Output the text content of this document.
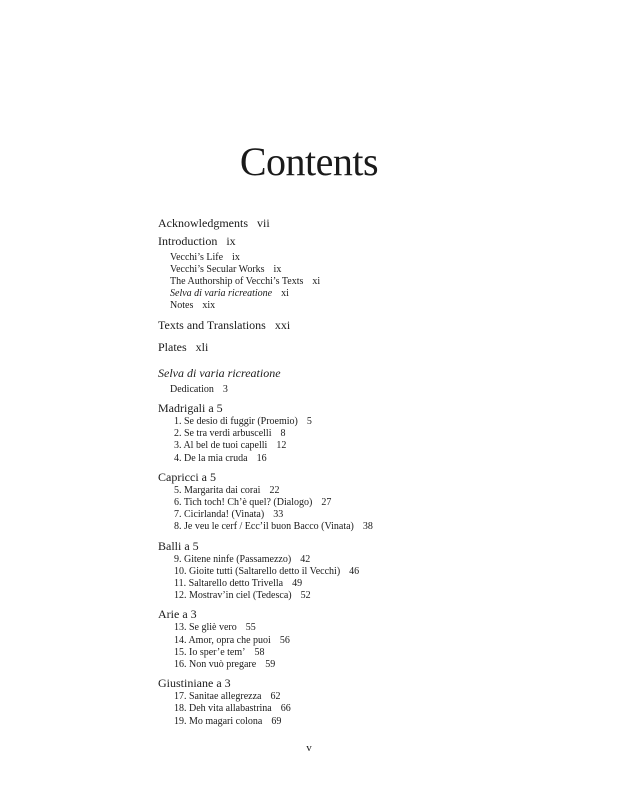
Contents
Acknowledgments vii
Introduction ix
Vecchi’s Life ix
Vecchi’s Secular Works ix
The Authorship of Vecchi’s Texts xi
Selva di varia ricreatione xi
Notes xix
Texts and Translations xxi
Plates xli
Selva di varia ricreatione
Dedication 3
Madrigali a 5
1. Se desio di fuggir (Proemio) 5
2. Se tra verdi arbuscelli 8
3. Al bel de tuoi capelli 12
4. De la mia cruda 16
Capricci a 5
5. Margarita dai corai 22
6. Tich toch! Ch’è quel? (Dialogo) 27
7. Cicirlanda! (Vinata) 33
8. Je veu le cerf / Ecc’il buon Bacco (Vinata) 38
Balli a 5
9. Gitene ninfe (Passamezzo) 42
10. Gioite tutti (Saltarello detto il Vecchi) 46
11. Saltarello detto Trivella 49
12. Mostrav’in ciel (Tedesca) 52
Arie a 3
13. Se gliè vero 55
14. Amor, opra che puoi 56
15. Io sper’e tem’ 58
16. Non vuò pregare 59
Giustiniane a 3
17. Sanitae allegrezza 62
18. Deh vita allabastrina 66
19. Mo magari colona 69
v
